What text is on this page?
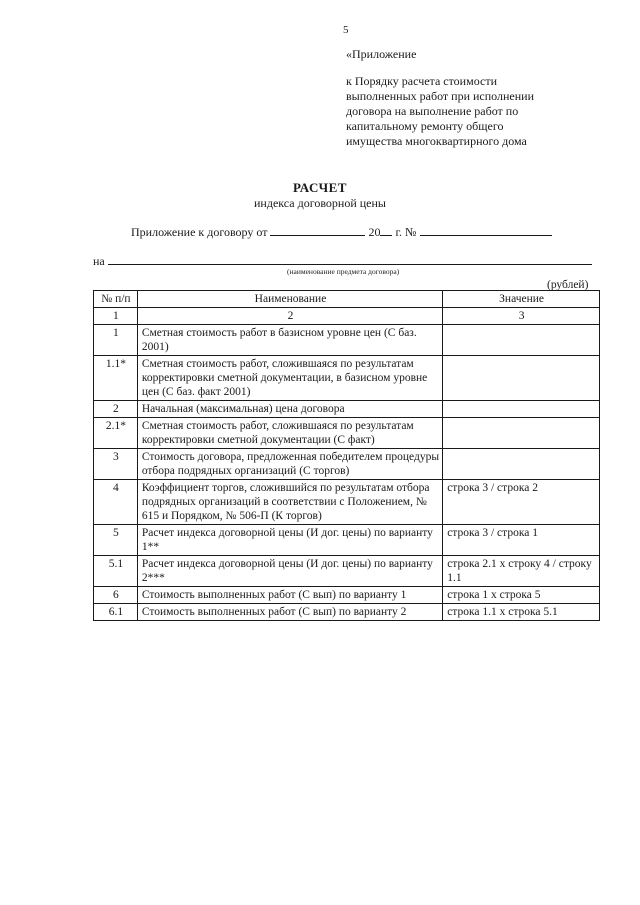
5
«Приложение
к Порядку расчета стоимости
выполненных работ при исполнении
договора на выполнение работ по
капитальному ремонту общего
имущества многоквартирного дома
РАСЧЕТ
индекса договорной цены
Приложение к договору от	20 г. №
на
(наименование предмета договора)
(рублей)
№ п/п	Наименование	Значение
1	2	3
1	Сметная стоимость работ в базисном уровне цен (С баз. 2001)	
1.1*	Сметная стоимость работ, сложившаяся по результатам корректировки сметной документации, в базисном уровне цен (С баз. факт 2001)	
2	Начальная (максимальная) цена договора	
2.1*	Сметная стоимость работ, сложившаяся по результатам корректировки сметной документации (С факт)	
3	Стоимость договора, предложенная победителем процедуры отбора подрядных организаций (С торгов)	
4	Коэффициент торгов, сложившийся по результатам отбора подрядных организаций в соответствии с Положением, № 615 и Порядком, № 506-П (К торгов)	строка 3 / строка 2
5	Расчет индекса договорной цены (И дог. цены) по варианту 1**	строка 3 / строка 1
5.1	Расчет индекса договорной цены (И дог. цены) по варианту 2***	строка 2.1 x строку 4 / строку 1.1
6	Стоимость выполненных работ (С вып) по варианту 1	строка 1 x строка 5
6.1	Стоимость выполненных работ (С вып) по варианту 2	строка 1.1 x строка 5.1
